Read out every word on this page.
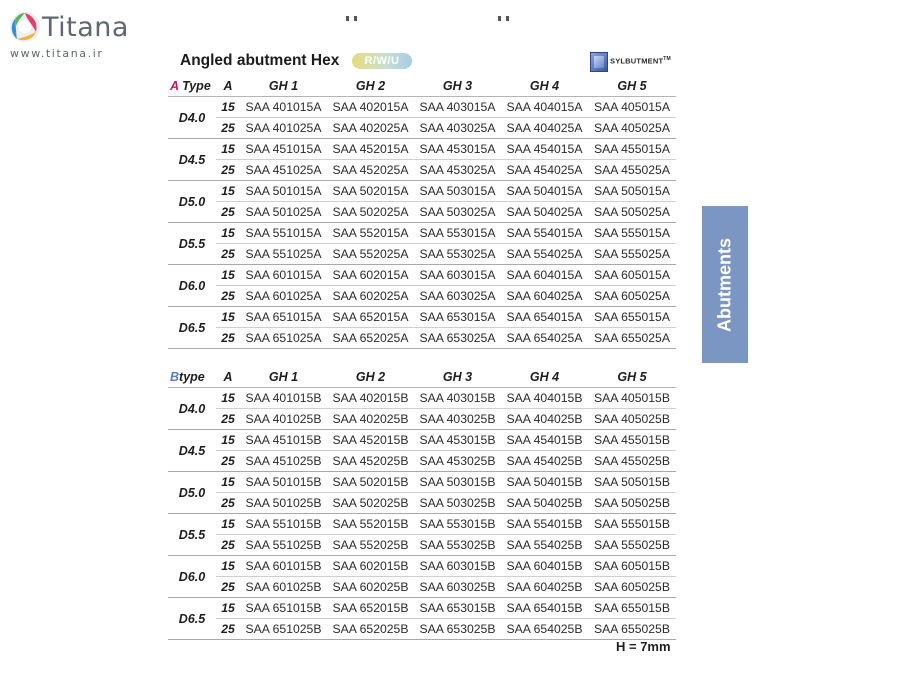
Titana
www.titana.ir	Angled abutment Hex	R/W/U	SYLBUTMENT™
A Type	A	GH 1	GH 2	GH 3	GH 4	GH 5
D4.0	15	SAA 401015A	SAA 402015A	SAA 403015A	SAA 404015A	SAA 405015A
	25	SAA 401025A	SAA 402025A	SAA 403025A	SAA 404025A	SAA 405025A
D4.5	15	SAA 451015A	SAA 452015A	SAA 453015A	SAA 454015A	SAA 455015A
	25	SAA 451025A	SAA 452025A	SAA 453025A	SAA 454025A	SAA 455025A
D5.0	15	SAA 501015A	SAA 502015A	SAA 503015A	SAA 504015A	SAA 505015A
	25	SAA 501025A	SAA 502025A	SAA 503025A	SAA 504025A	SAA 505025A
D5.5	15	SAA 551015A	SAA 552015A	SAA 553015A	SAA 554015A	SAA 555015A
	25	SAA 551025A	SAA 552025A	SAA 553025A	SAA 554025A	SAA 555025A
D6.0	15	SAA 601015A	SAA 602015A	SAA 603015A	SAA 604015A	SAA 605015A
	25	SAA 601025A	SAA 602025A	SAA 603025A	SAA 604025A	SAA 605025A
D6.5	15	SAA 651015A	SAA 652015A	SAA 653015A	SAA 654015A	SAA 655015A
	25	SAA 651025A	SAA 652025A	SAA 653025A	SAA 654025A	SAA 655025A
Btype	A	GH 1	GH 2	GH 3	GH 4	GH 5
D4.0	15	SAA 401015B	SAA 402015B	SAA 403015B	SAA 404015B	SAA 405015B
	25	SAA 401025B	SAA 402025B	SAA 403025B	SAA 404025B	SAA 405025B
D4.5	15	SAA 451015B	SAA 452015B	SAA 453015B	SAA 454015B	SAA 455015B
	25	SAA 451025B	SAA 452025B	SAA 453025B	SAA 454025B	SAA 455025B
D5.0	15	SAA 501015B	SAA 502015B	SAA 503015B	SAA 504015B	SAA 505015B
	25	SAA 501025B	SAA 502025B	SAA 503025B	SAA 504025B	SAA 505025B
D5.5	15	SAA 551015B	SAA 552015B	SAA 553015B	SAA 554015B	SAA 555015B
	25	SAA 551025B	SAA 552025B	SAA 553025B	SAA 554025B	SAA 555025B
D6.0	15	SAA 601015B	SAA 602015B	SAA 603015B	SAA 604015B	SAA 605015B
	25	SAA 601025B	SAA 602025B	SAA 603025B	SAA 604025B	SAA 605025B
D6.5	15	SAA 651015B	SAA 652015B	SAA 653015B	SAA 654015B	SAA 655015B
	25	SAA 651025B	SAA 652025B	SAA 653025B	SAA 654025B	SAA 655025B
H = 7mm
Abutments
